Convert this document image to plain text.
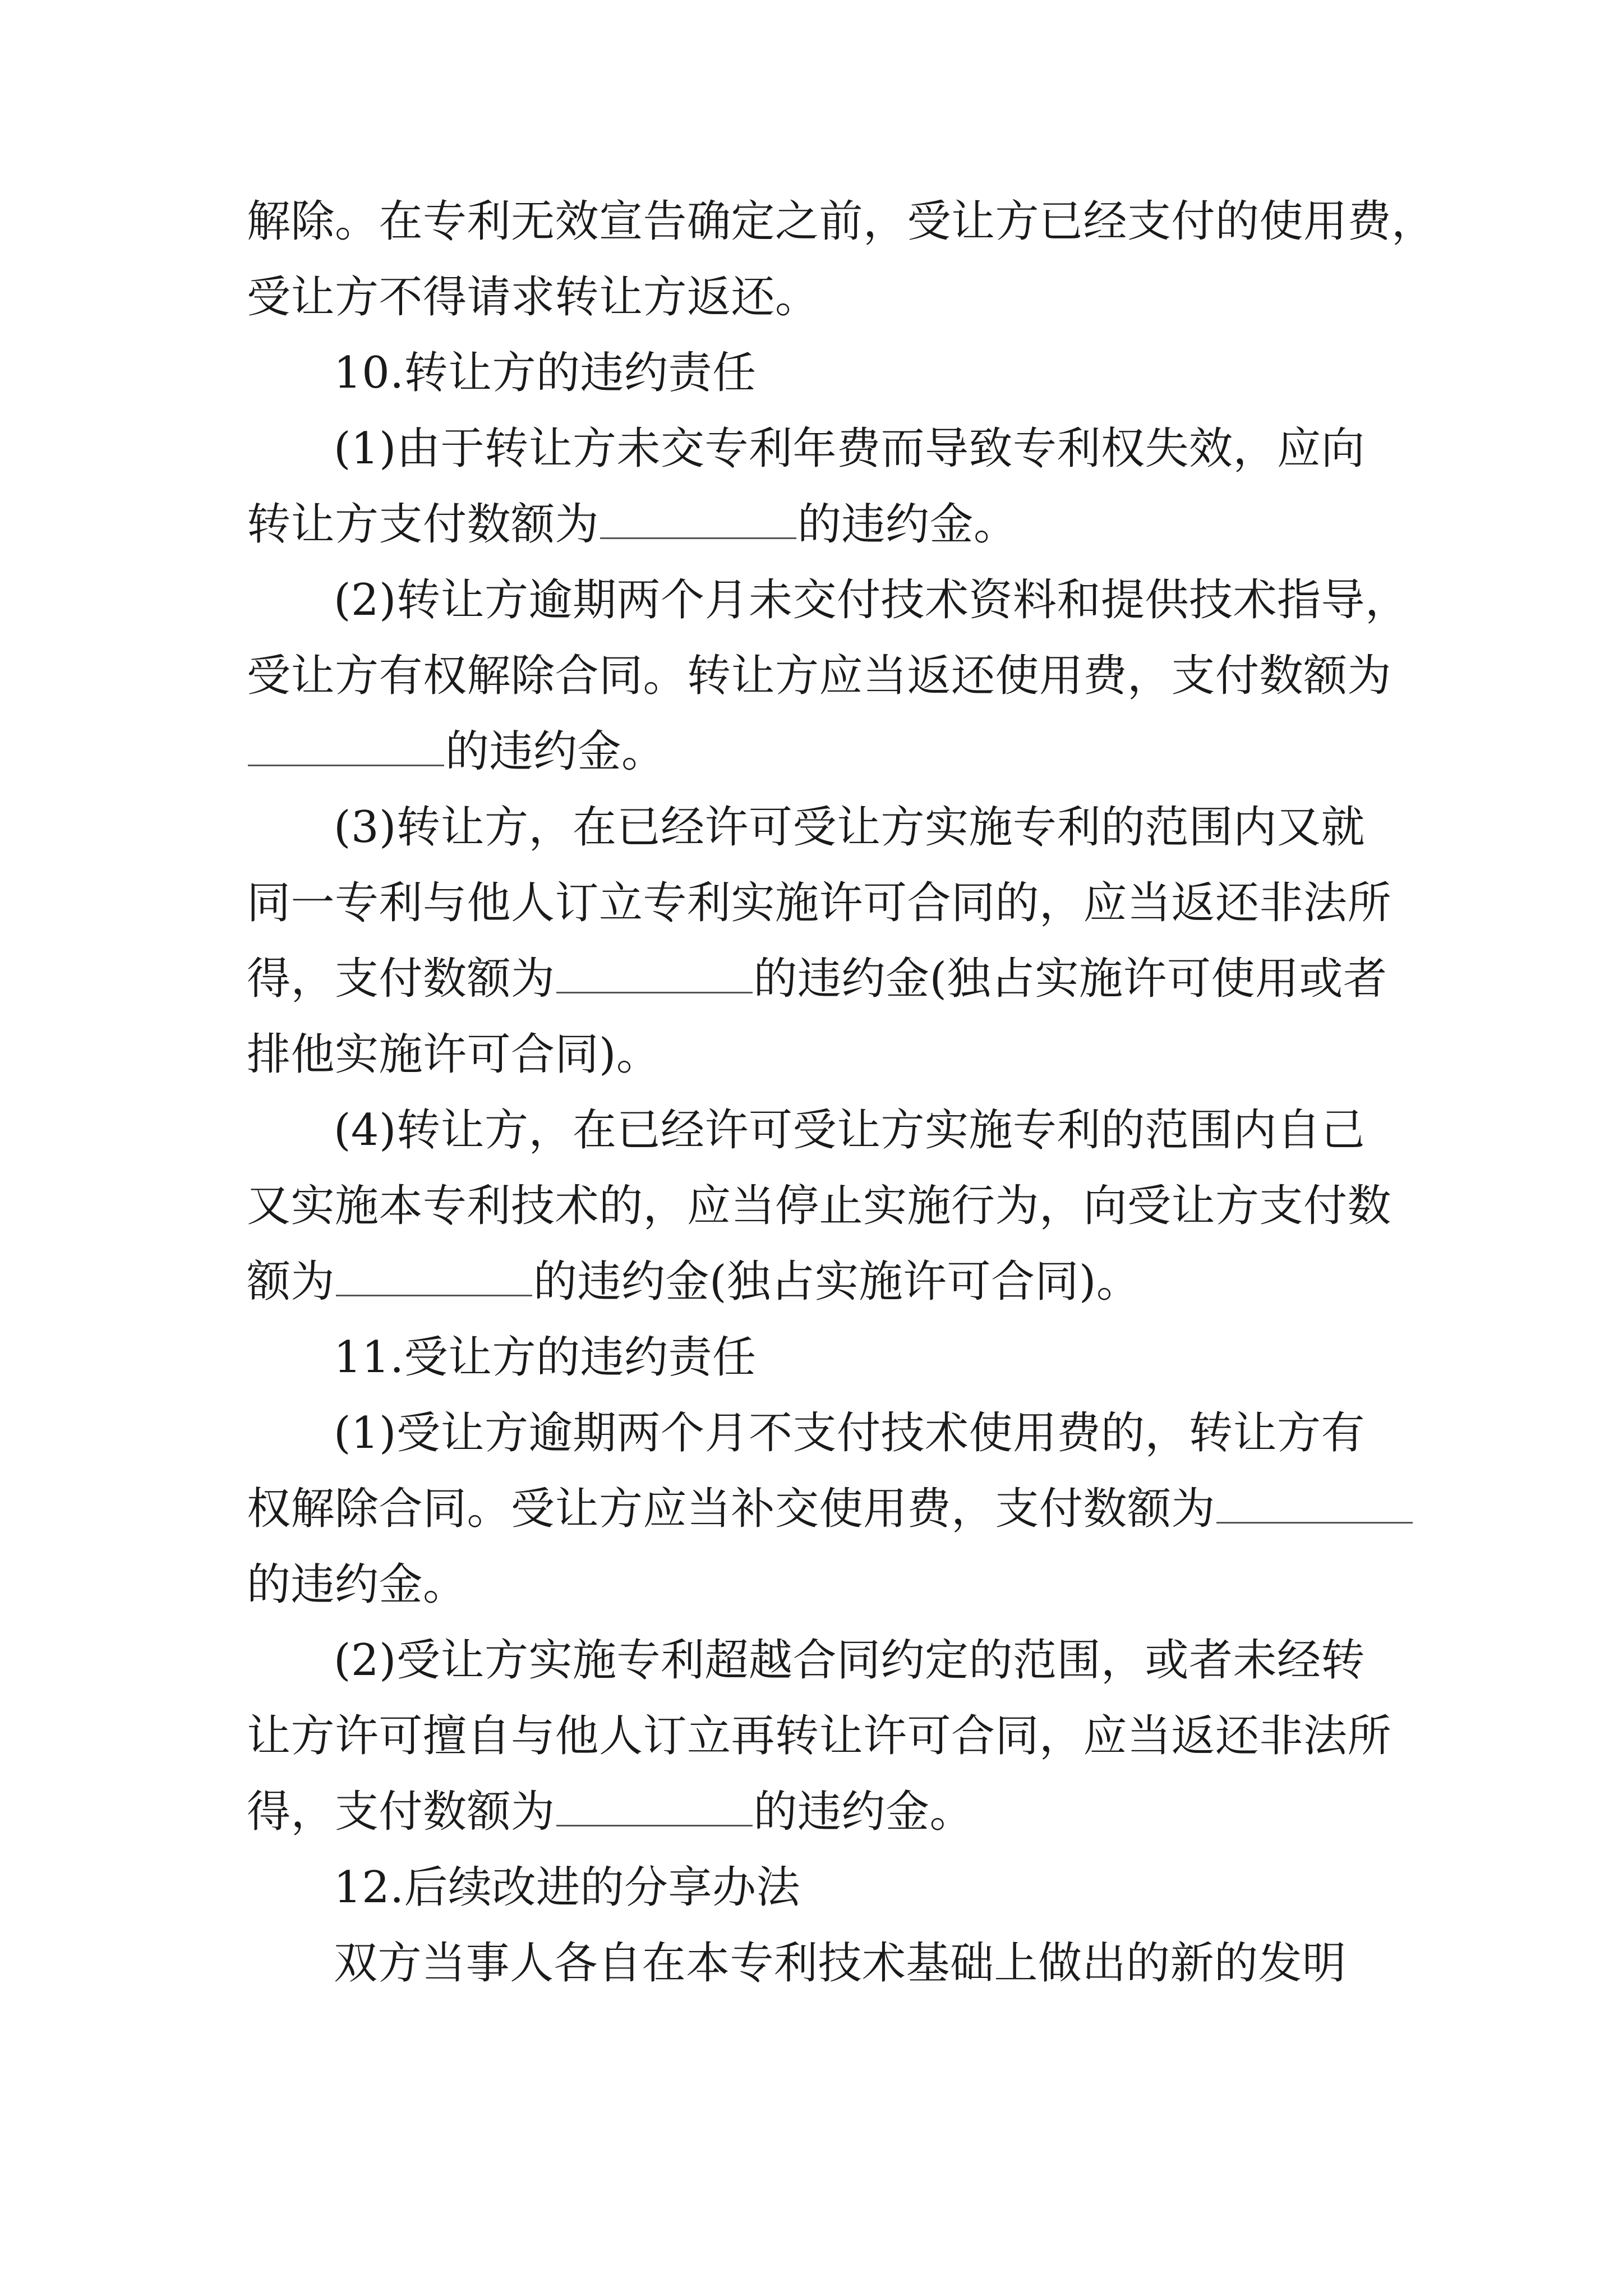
解除。在专利无效宣告确定之前，受让方已经支付的使用费，
受让方不得请求转让方返还。
10.转让方的违约责任
(1)由于转让方未交专利年费而导致专利权失效，应向
转让方支付数额为	的违约金。
(2)转让方逾期两个月未交付技术资料和提供技术指导，
受让方有权解除合同。转让方应当返还使用费，支付数额为
的违约金。
(3)转让方，在已经许可受让方实施专利的范围内又就
同一专利与他人订立专利实施许可合同的，应当返还非法所
得，支付数额为	的违约金(独占实施许可使用或者
排他实施许可合同)。
(4)转让方，在已经许可受让方实施专利的范围内自己
又实施本专利技术的，应当停止实施行为，向受让方支付数
额为	的违约金(独占实施许可合同)。
11.受让方的违约责任
(1)受让方逾期两个月不支付技术使用费的，转让方有
权解除合同。受让方应当补交使用费，支付数额为
的违约金。
(2)受让方实施专利超越合同约定的范围，或者未经转
让方许可擅自与他人订立再转让许可合同，应当返还非法所
得，支付数额为	的违约金。
12.后续改进的分享办法
双方当事人各自在本专利技术基础上做出的新的发明
